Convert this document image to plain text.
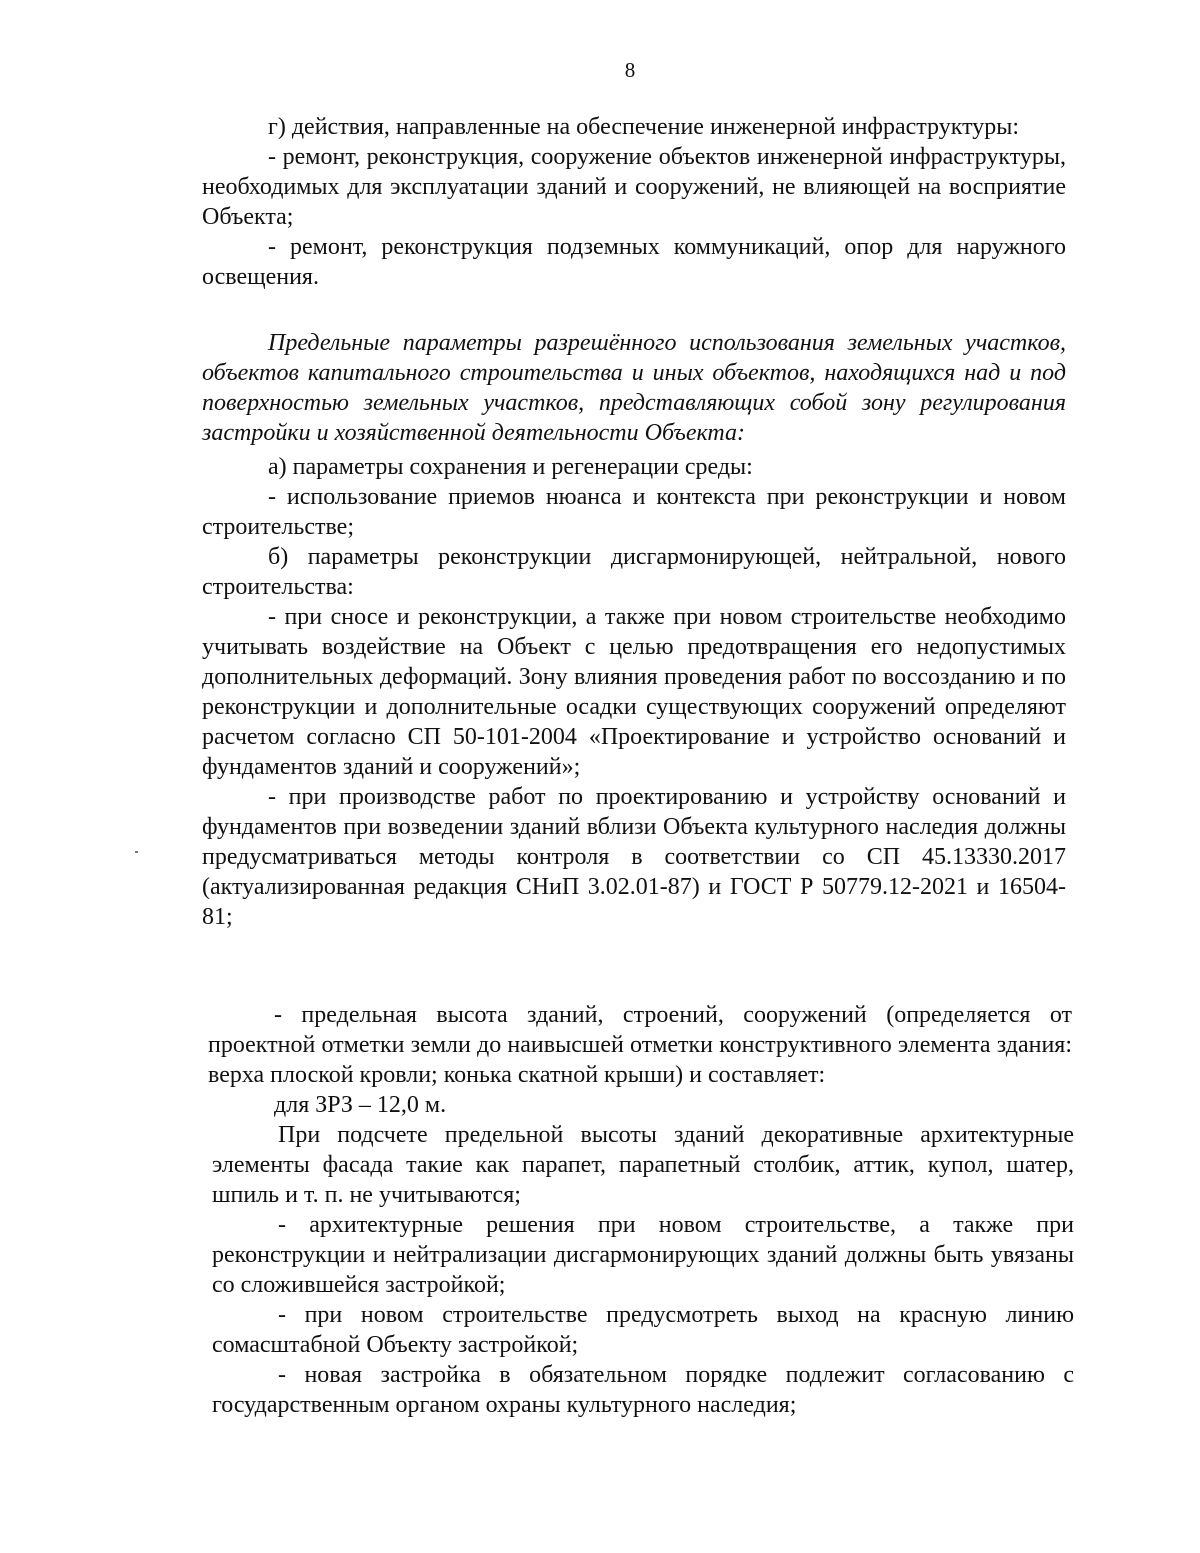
8

г) действия, направленные на обеспечение инженерной инфраструктуры:

- ремонт, реконструкция, сооружение объектов инженерной инфраструктуры, необходимых для эксплуатации зданий и сооружений, не влияющей на восприятие Объекта;

- ремонт, реконструкция подземных коммуникаций, опор для наружного освещения.

Предельные параметры разрешённого использования земельных участков, объектов капитального строительства и иных объектов, находящихся над и под поверхностью земельных участков, представляющих собой зону регулирования застройки и хозяйственной деятельности Объекта:

а) параметры сохранения и регенерации среды:

- использование приемов нюанса и контекста при реконструкции и новом строительстве;

б) параметры реконструкции дисгармонирующей, нейтральной, нового строительства:

- при сносе и реконструкции, а также при новом строительстве необходимо учитывать воздействие на Объект с целью предотвращения его недопустимых дополнительных деформаций. Зону влияния проведения работ по воссозданию и по реконструкции и дополнительные осадки существующих сооружений определяют расчетом согласно СП 50-101-2004 «Проектирование и устройство оснований и фундаментов зданий и сооружений»;

- при производстве работ по проектированию и устройству оснований и фундаментов при возведении зданий вблизи Объекта культурного наследия должны предусматриваться методы контроля в соответствии со СП 45.13330.2017 (актуализированная редакция СНиП 3.02.01-87) и ГОСТ Р 50779.12-2021 и 16504-81;

- предельная высота зданий, строений, сооружений (определяется от проектной отметки земли до наивысшей отметки конструктивного элемента здания: верха плоской кровли; конька скатной крыши) и составляет:

для ЗРЗ – 12,0 м.

При подсчете предельной высоты зданий декоративные архитектурные элементы фасада такие как парапет, парапетный столбик, аттик, купол, шатер, шпиль и т. п. не учитываются;

- архитектурные решения при новом строительстве, а также при реконструкции и нейтрализации дисгармонирующих зданий должны быть увязаны со сложившейся застройкой;

- при новом строительстве предусмотреть выход на красную линию сомасштабной Объекту застройкой;

- новая застройка в обязательном порядке подлежит согласованию с государственным органом охраны культурного наследия;
